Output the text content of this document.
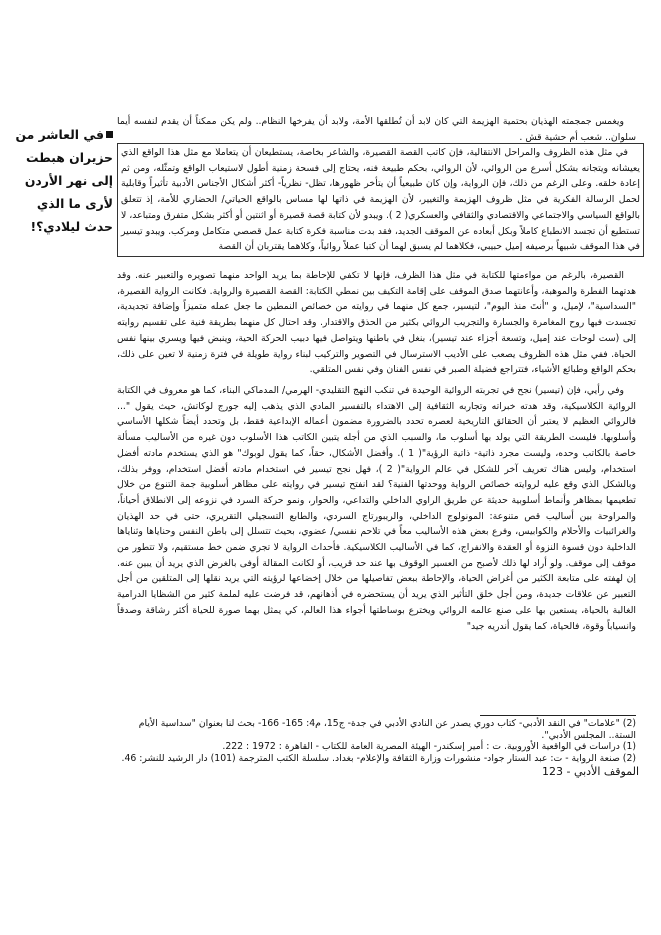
في العاشر من حزيران هبطت إلى نهر الأردن لأرى ما الذي حدث ليلادي؟!

ويغمس جمجمته الهذيان بحتمية الهزيمة التي كان لابد أن تُطلقها الأمة، ولابد أن يفرخها النظام.. ولم يكن ممكناً أن يقدم لنفسه أيما سلوان.. شعب أم حشية قش .

في مثل هذه الظروف والمراحل الانتقالية، فإن كاتب القصة القصيرة، والشاعر بخاصة، يستطيعان أن يتعاملا مع مثل هذا الواقع الذي يعيشانه ويتجانه بشكل أسرع من الروائي، لأن الروائي، بحكم طبيعة فنه، يحتاج إلى فسحة زمنية أطول لاستيعاب الواقع وتمثّله، ومن ثم إعادة خلقه. وعلى الرغم من ذلك، فإن الرواية، وإن كان طبيعياً أن يتأخر ظهورها، تظل- نظرياً- أكثر أشكال الأجناس الأدبية تأثيراً وقابلية لحمل الرسالة الفكرية في مثل ظروف الهزيمة والتغيير، لأن الهزيمة في ذاتها لها مساس بالواقع الحياتي/ الحضاري للأمة، إذ تتعلق بالواقع السياسي والاجتماعي والاقتصادي والثقافي والعسكري( 2 ). ويبدو لأن كتابة قصة قصيرة أو اثنتين أو أكثر بشكل متفرق ومتباعد، لا تستطيع أن تجسد الانطباع كاملاً وبكل أبعاده عن الموقف الجديد، فقد بدت مناسبة فكرة كتابة عمل قصصي متكامل ومركب. ويبدو تيسير في هذا الموقف شبيهاً برصيفه إميل حبيبي، فكلاهما لم يسبق لهما أن كتبا عملاً روائياً، وكلاهما يقتربان أن القصة

القصيرة، بالرغم من مواءمتها للكتابة في مثل هذا الظرف، فإنها لا تكفي للإحاطة بما يريد الواحد منهما تصويره والتعبير عنه. وقد هدتهما الفطرة والموهبة، وأعانتهما صدق الموقف على إقامة التكيف بين نمطي الكتابة: القصة القصيرة والرواية. فكانت الرواية القصيرة، "السداسية"، لإميل، و "أنتَ منذ اليوم"، لتيسير، جمع كل منهما في روايته من خصائص النمطين ما جعل عمله متميزاً وإضافة تجديدية، تجسدت فيها روح المغامرة والجسارة والتجريب الروائي بكثير من الحذق والاقتدار. وقد احتال كل منهما بطريقة فنية على تقسيم روايته إلى (ست لوحات عند إميل، وتسعة أجزاء عند تيسير)، بنغل في باطنها ويتواصل فيها دبيب الحركة الحية، وينبض فيها ويسري بينها نفس الحياة. ففي مثل هذه الظروف يصعب على الأديب الاسترسال في التصوير والتركيب لبناء رواية طويلة في فترة زمنية لا تعين على ذلك، بحكم الواقع وطبائع الأشياء، فتتراجع فضيلة الصبر في نفس الفنان وفي نفس المتلقي.

وفي رأيي، فإن (تيسير) نجح في تجربته الروائية الوحيدة في تنكب النهج التقليدي- الهرمي/ المدماكي البناء، كما هو معروف في الكتابة الروائية الكلاسيكية، وقد هدته خبراته وتجاربه الثقافية إلى الاهتداء بالتفسير المادي الذي يذهب إليه جورج لوكاتش، حيث يقول "... فالروائي العظيم لا يعتبر أن الحقائق التاريخية لعصره تحدد بالضرورة مضمون أعماله الإبداعية فقط، بل وتحدد أيضاً شكلها الأساسي وأسلوبها. فليست الطريقة التي يولد بها أسلوب ما، والسبب الذي من أجله يتبين الكاتب هذا الأسلوب دون غيره من الأساليب مسألة خاصة بالكاتب وحده، وليست مجرد ذاتية- ذاتية الرؤية"( 1 ). وأفضل الأشكال، حقاً، كما يقول لوبوك" هو الذي يستخدم مادته أفضل استخدام، وليس هناك تعريف آخر للشكل في عالم الرواية"( 2 )، فهل نجح تيسير في استخدام مادته أفضل استخدام، ووفر بذلك، وبالشكل الذي وقع عليه لروايته خصائص الرواية ووحدتها الفنية؟ لقد انفتح تيسير في روايته على مظاهر أسلوبية جمة التنوع من خلال تطعيمها بمظاهر وأنماط أسلوبية حديثة عن طريق الراوي الداخلي والتداعي، والحوار، ونمو حركة السرد في نزوعه إلى الانطلاق أحياناً، والمراوحة بين أساليب قص متنوعة: المونولوج الداخلي، والريبورتاج السردي، والطابع التسجيلي التقريري، حتى في حد الهذيان والغرائبيات والأحلام والكوابيس، وفرع بعض هذه الأساليب معاً في تلاحم نفسي/ عضوي، بحيث تتسلل إلى باطن النفس وحناياها وثناياها الداخلية دون قسوة النزوة أو العقدة والانفراج، كما في الأساليب الكلاسيكية. فأحداث الرواية لا تجري ضمن خط مستقيم، ولا تتطور من موقف إلى موقف. ولو أراد لها ذلك لأصبح من العسير الوقوف بها عند حد قريب، أو لكانت المقالة أوفى بالغرض الذي يريد أن يبين عنه. إن لهفته على متابعة الكثير من أغراض الحياة، والإحاطة ببعض تفاصيلها من خلال إخضاعها لرؤيته التي يريد نقلها إلى المتلقين من أجل التعبير عن علاقات جديدة، ومن أجل خلق التأثير الذي يريد أن يستحضره في أذهانهم، قد فرضت عليه لملمة كثير من الشظايا الدرامية الغالبة بالحياة، يستعين بها على صنع عالمه الروائي ويخترع بوساطتها أجواء هذا العالم، كي يمثل بهما صورة للحياة أكثر رشاقة وصدقاً وانسياباً وقوة، فالحياة، كما يقول أندريه جيد"

(2) "علامات" في النقد الأدبي- كتاب دوري يصدر عن النادي الأدبي في جدة- ج15، م4: 165- 166- بحث لنا بعنوان "سداسية الأيام الستة.. المجلس الأدبي".
(1) دراسات في الواقعية الأوروبية. ت : أمير إسكندر- الهيئة المصرية العامة للكتاب - القاهرة : 1972 : 222.
(2) صنعة الرواية - ت: عبد الستار جواد- منشورات وزارة الثقافة والإعلام- بغداد. سلسلة الكتب المترجمة (101) دار الرشيد للنشر: 46.
الموقف الأدبي - 123
